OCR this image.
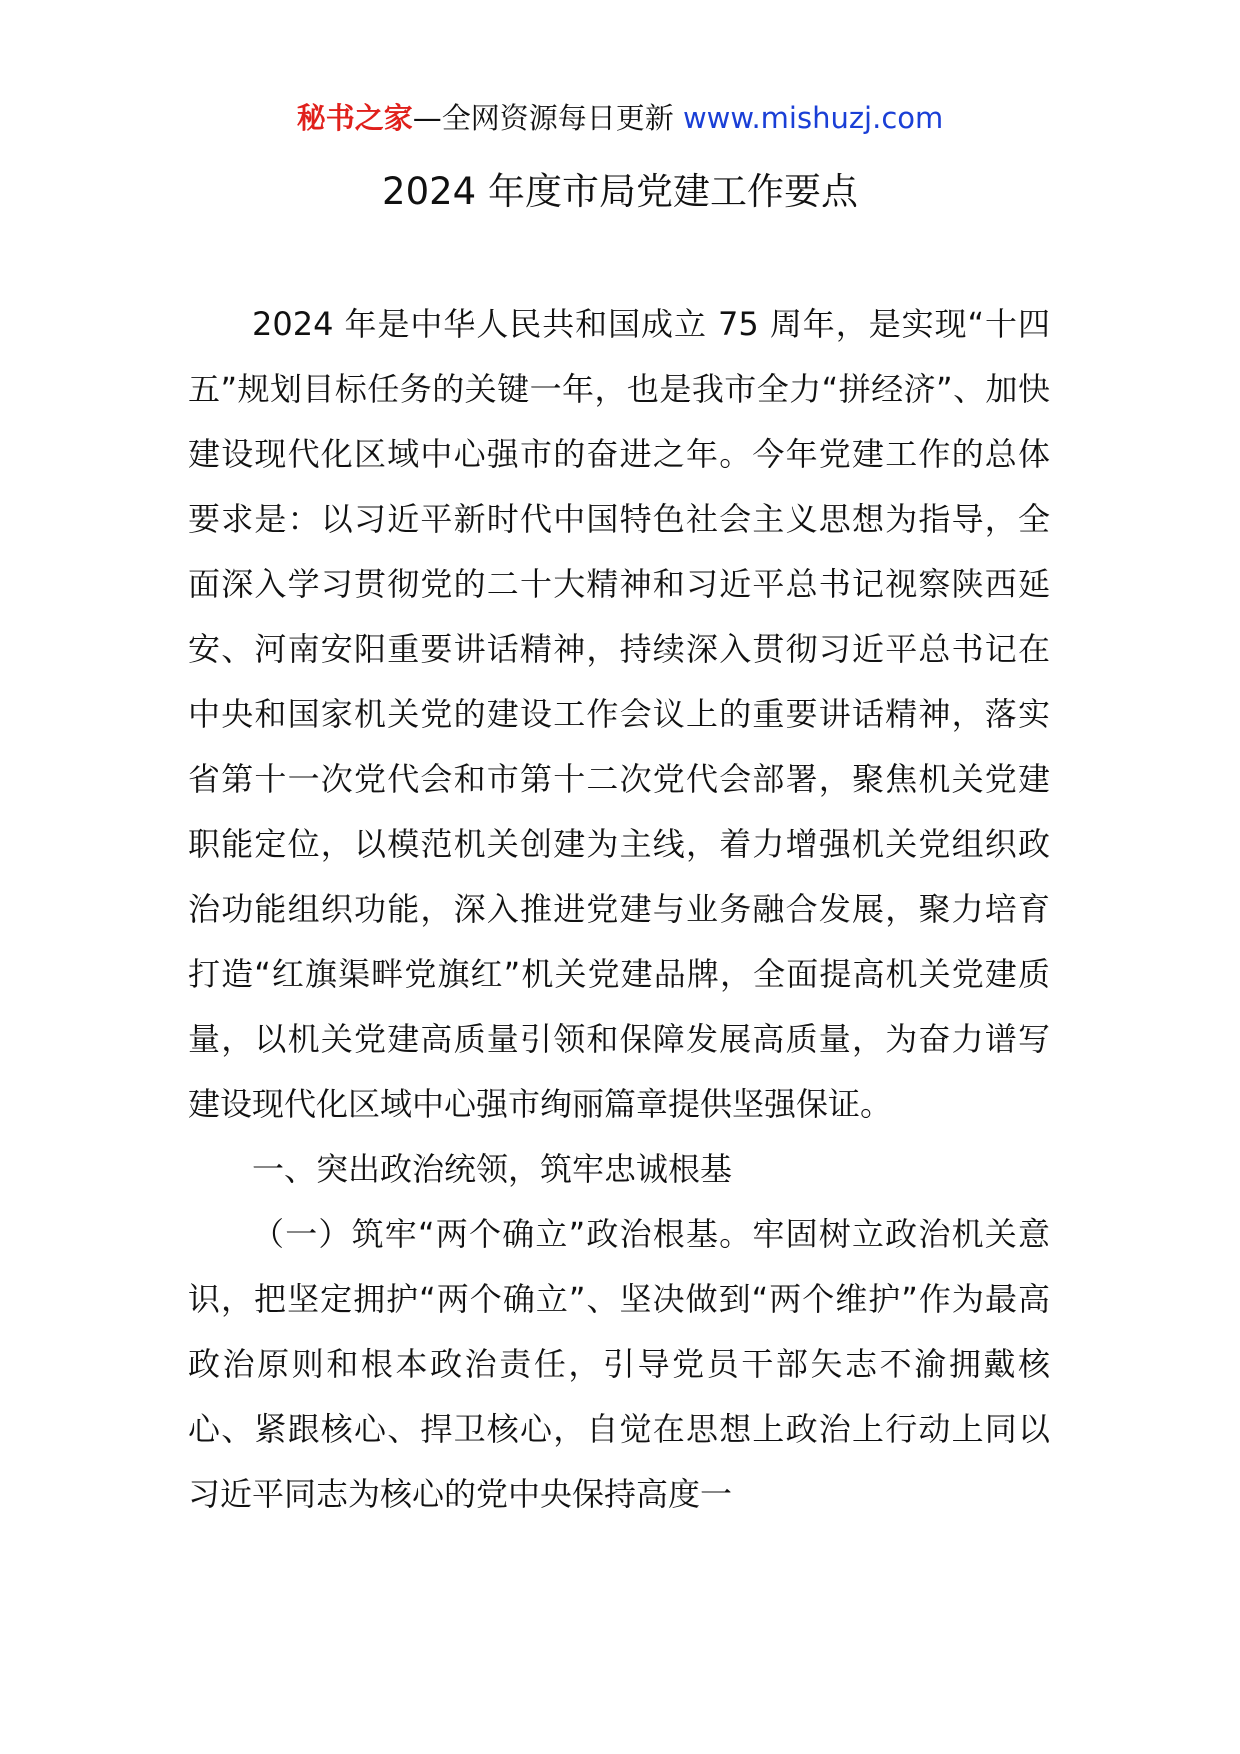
秘书之家—全网资源每日更新 www.mishuzj.com
2024 年度市局党建工作要点

2024 年是中华人民共和国成立 75 周年，是实现“十四五”规划目标任务的关键一年，也是我市全力“拼经济”、加快建设现代化区域中心强市的奋进之年。今年党建工作的总体要求是：以习近平新时代中国特色社会主义思想为指导，全面深入学习贯彻党的二十大精神和习近平总书记视察陕西延安、河南安阳重要讲话精神，持续深入贯彻习近平总书记在中央和国家机关党的建设工作会议上的重要讲话精神，落实省第十一次党代会和市第十二次党代会部署，聚焦机关党建职能定位，以模范机关创建为主线，着力增强机关党组织政治功能组织功能，深入推进党建与业务融合发展，聚力培育打造“红旗渠畔党旗红”机关党建品牌，全面提高机关党建质量，以机关党建高质量引领和保障发展高质量，为奋力谱写建设现代化区域中心强市绚丽篇章提供坚强保证。

一、突出政治统领，筑牢忠诚根基

（一）筑牢“两个确立”政治根基。牢固树立政治机关意识，把坚定拥护“两个确立”、坚决做到“两个维护”作为最高政治原则和根本政治责任，引导党员干部矢志不渝拥戴核心、紧跟核心、捍卫核心，自觉在思想上政治上行动上同以习近平同志为核心的党中央保持高度一
